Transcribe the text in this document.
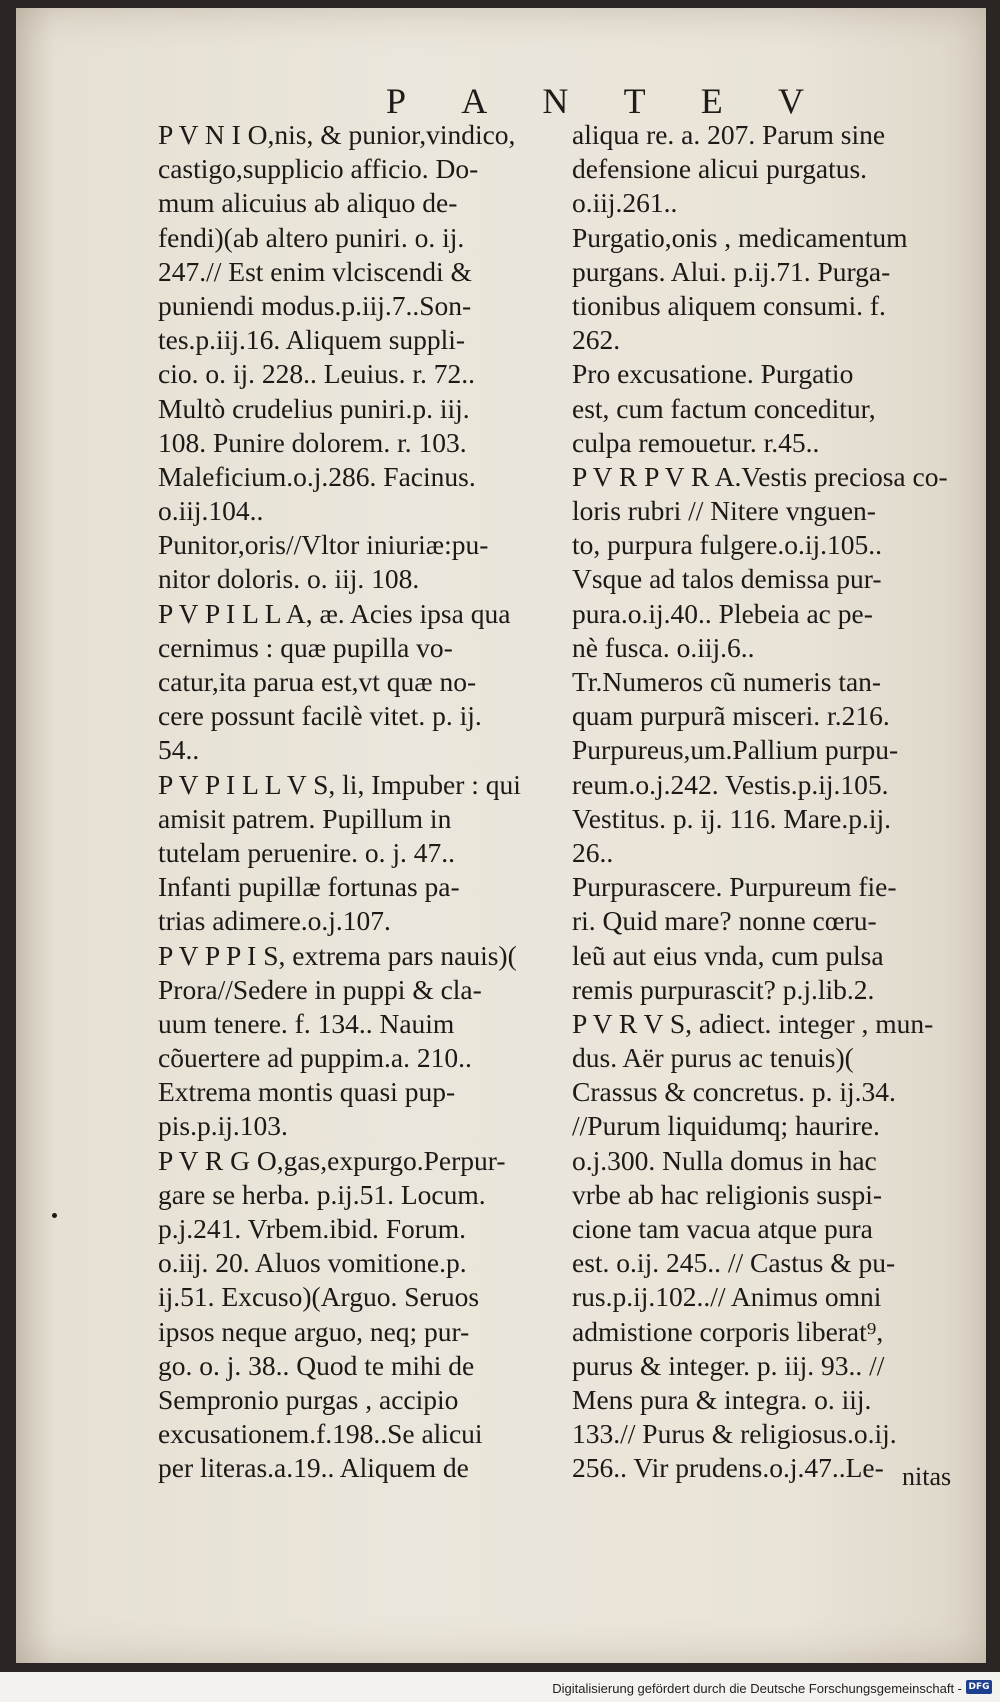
P A N T E V
P V N I O,nis, & punior,vindico,
castigo,supplicio afficio. Do-
mum alicuius ab aliquo de-
fendi)(ab altero puniri. o. ij.
247.// Est enim vlciscendi &
puniendi modus.p.iij.7..Son-
tes.p.iij.16. Aliquem suppli-
cio. o. ij. 228.. Leuius. r. 72..
Multò crudelius puniri.p. iij.
108. Punire dolorem. r. 103.
Maleficium.o.j.286. Facinus.
o.iij.104..
Punitor,oris//Vltor iniuriæ:pu-
nitor doloris. o. iij. 108.
P V P I L L A, æ. Acies ipsa qua
cernimus : quæ pupilla vo-
catur,ita parua est,vt quæ no-
cere possunt facilè vitet. p. ij.
54..
P V P I L L V S, li, Impuber : qui
amisit patrem. Pupillum in
tutelam peruenire. o. j. 47..
Infanti pupillæ fortunas pa-
trias adimere.o.j.107.
P V P P I S, extrema pars nauis)(
Prora//Sedere in puppi & cla-
uum tenere. f. 134.. Nauim
cõuertere ad puppim.a. 210..
Extrema montis quasi pup-
pis.p.ij.103.
P V R G O,gas,expurgo.Perpur-
gare se herba. p.ij.51. Locum.
p.j.241. Vrbem.ibid. Forum.
o.iij. 20. Aluos vomitione.p.
ij.51. Excuso)(Arguo. Seruos
ipsos neque arguo, neq; pur-
go. o. j. 38.. Quod te mihi de
Sempronio purgas , accipio
excusationem.f.198..Se alicui
per literas.a.19.. Aliquem de
aliqua re. a. 207. Parum sine
defensione alicui purgatus.
o.iij.261..
Purgatio,onis , medicamentum
purgans. Alui. p.ij.71. Purga-
tionibus aliquem consumi. f.
262.
Pro excusatione. Purgatio
est, cum factum conceditur,
culpa remouetur. r.45..
P V R P V R A.Vestis preciosa co-
loris rubri // Nitere vnguen-
to, purpura fulgere.o.ij.105..
Vsque ad talos demissa pur-
pura.o.ij.40.. Plebeia ac pe-
nè fusca. o.iij.6..
Tr.Numeros cũ numeris tan-
quam purpurã misceri. r.216.
Purpureus,um.Pallium purpu-
reum.o.j.242. Vestis.p.ij.105.
Vestitus. p. ij. 116. Mare.p.ij.
26..
Purpurascere. Purpureum fie-
ri. Quid mare? nonne cœru-
leũ aut eius vnda, cum pulsa
remis purpurascit? p.j.lib.2.
P V R V S, adiect. integer , mun-
dus. Aër purus ac tenuis)(
Crassus & concretus. p. ij.34.
//Purum liquidumq; haurire.
o.j.300. Nulla domus in hac
vrbe ab hac religionis suspi-
cione tam vacua atque pura
est. o.ij. 245.. // Castus & pu-
rus.p.ij.102..// Animus omni
admistione corporis liberat⁹,
purus & integer. p. iij. 93.. //
Mens pura & integra. o. iij.
133.// Purus & religiosus.o.ij.
256.. Vir prudens.o.j.47..Le- nitas
Digitalisierung gefördert durch die Deutsche Forschungsgemeinschaft - DFG
